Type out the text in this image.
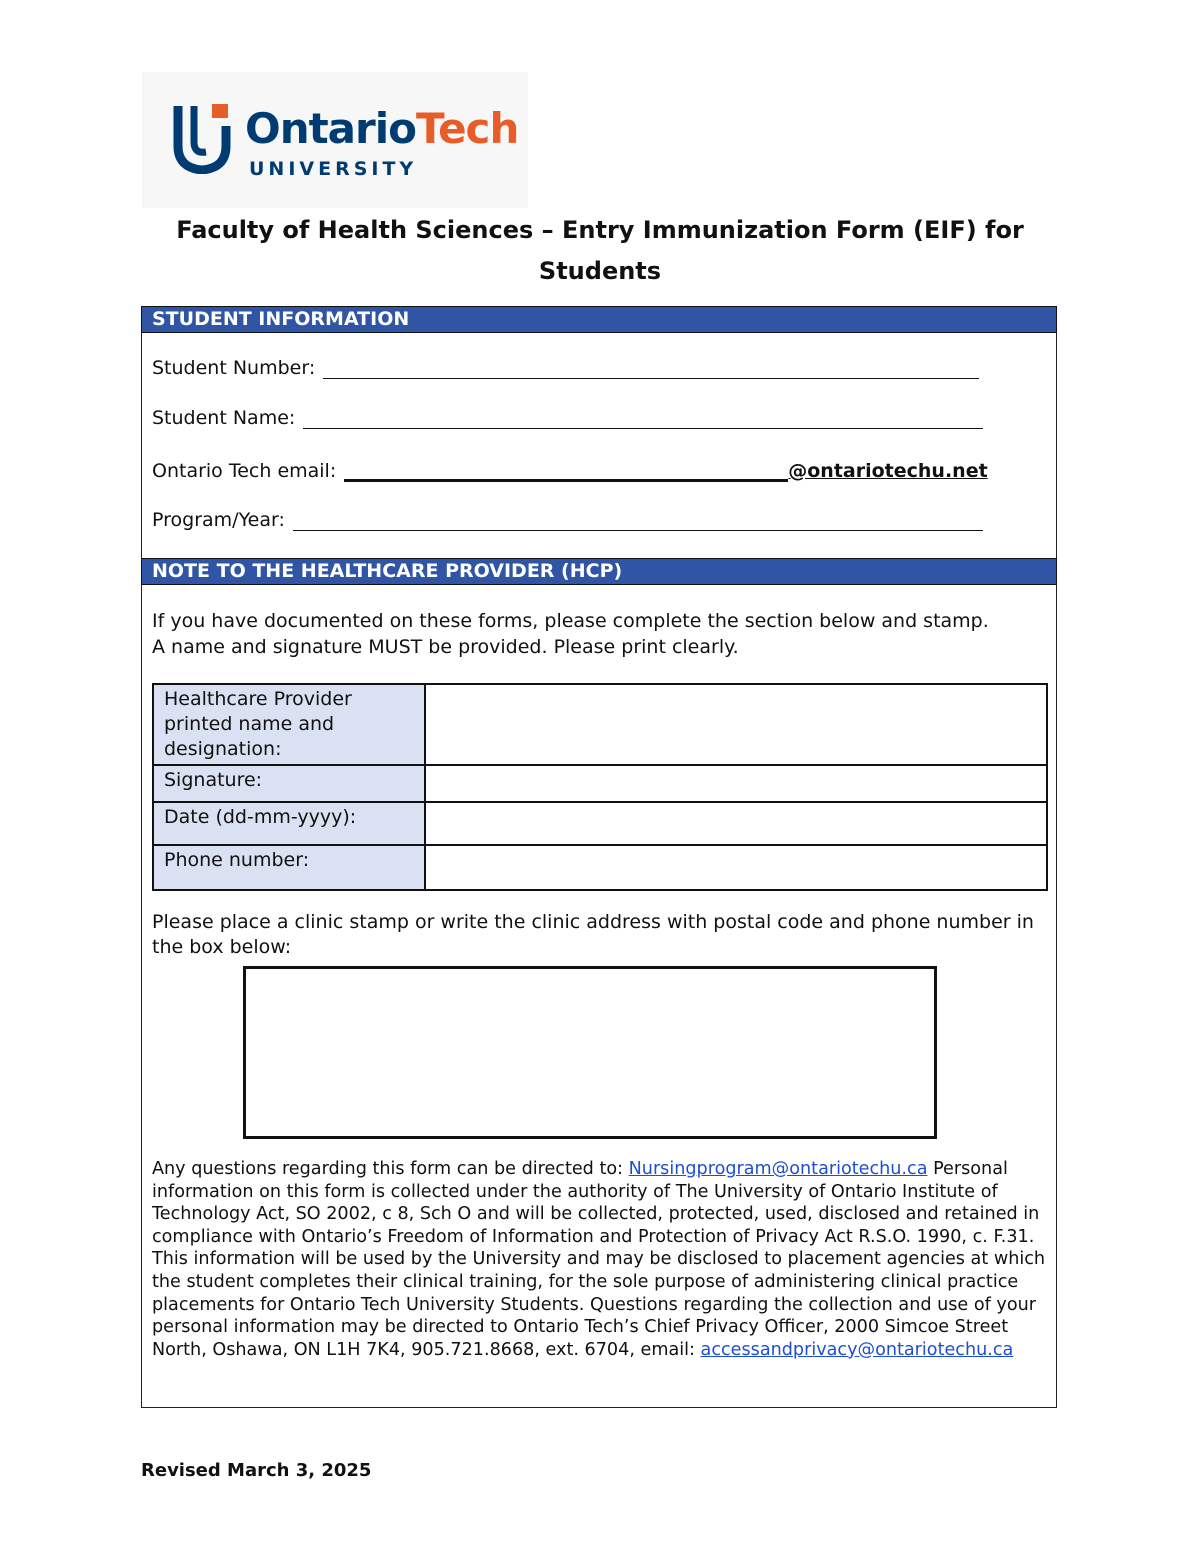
OntarioTech
UNIVERSITY
Faculty of Health Sciences – Entry Immunization Form (EIF) for Students
STUDENT INFORMATION
Student Number:
Student Name:
Ontario Tech email:	@ontariotechu.net
Program/Year:
NOTE TO THE HEALTHCARE PROVIDER (HCP)
If you have documented on these forms, please complete the section below and stamp.
A name and signature MUST be provided. Please print clearly.
Healthcare Provider printed name and designation:	
Signature:	
Date (dd-mm-yyyy):	
Phone number:	
Please place a clinic stamp or write the clinic address with postal code and phone number in the box below:
Any questions regarding this form can be directed to: Nursingprogram@ontariotechu.ca Personal information on this form is collected under the authority of The University of Ontario Institute of Technology Act, SO 2002, c 8, Sch O and will be collected, protected, used, disclosed and retained in compliance with Ontario’s Freedom of Information and Protection of Privacy Act R.S.O. 1990, c. F.31. This information will be used by the University and may be disclosed to placement agencies at which the student completes their clinical training, for the sole purpose of administering clinical practice placements for Ontario Tech University Students. Questions regarding the collection and use of your personal information may be directed to Ontario Tech’s Chief Privacy Officer, 2000 Simcoe Street North, Oshawa, ON L1H 7K4, 905.721.8668, ext. 6704, email: accessandprivacy@ontariotechu.ca
Revised March 3, 2025
